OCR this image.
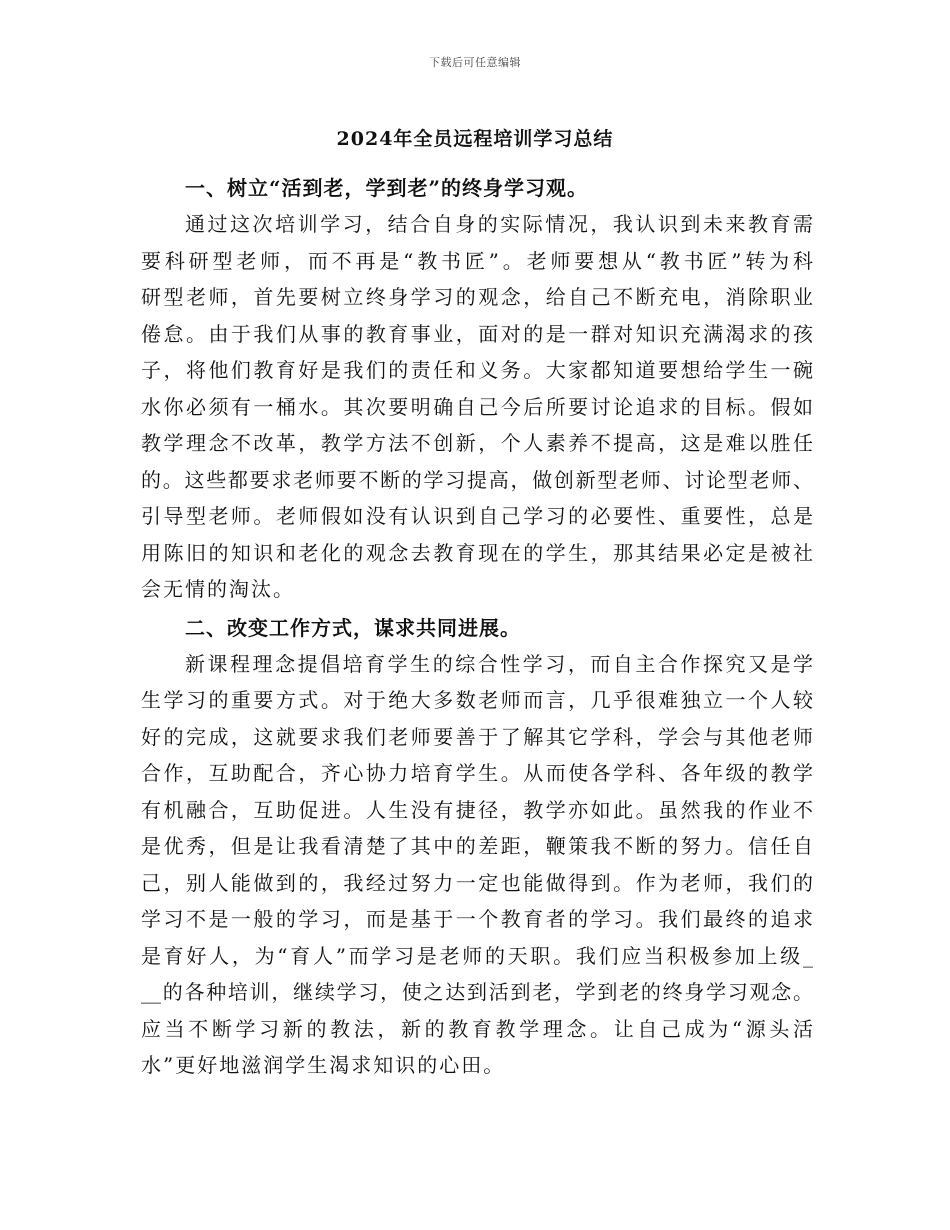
下载后可任意编辑
2024年全员远程培训学习总结

一、树立“活到老，学到老”的终身学习观。

通过这次培训学习，结合自身的实际情况，我认识到未来教育需
要科研型老师，而不再是“教书匠”。老师要想从“教书匠”转为科
研型老师，首先要树立终身学习的观念，给自己不断充电，消除职业
倦怠。由于我们从事的教育事业，面对的是一群对知识充满渴求的孩
子，将他们教育好是我们的责任和义务。大家都知道要想给学生一碗
水你必须有一桶水。其次要明确自己今后所要讨论追求的目标。假如
教学理念不改革，教学方法不创新，个人素养不提高，这是难以胜任
的。这些都要求老师要不断的学习提高，做创新型老师、讨论型老师、
引导型老师。老师假如没有认识到自己学习的必要性、重要性，总是
用陈旧的知识和老化的观念去教育现在的学生，那其结果必定是被社
会无情的淘汰。

二、改变工作方式，谋求共同进展。

新课程理念提倡培育学生的综合性学习，而自主合作探究又是学
生学习的重要方式。对于绝大多数老师而言，几乎很难独立一个人较
好的完成，这就要求我们老师要善于了解其它学科，学会与其他老师
合作，互助配合，齐心协力培育学生。从而使各学科、各年级的教学
有机融合，互助促进。人生没有捷径，教学亦如此。虽然我的作业不
是优秀，但是让我看清楚了其中的差距，鞭策我不断的努力。信任自
己，别人能做到的，我经过努力一定也能做得到。作为老师，我们的
学习不是一般的学习，而是基于一个教育者的学习。我们最终的追求
是育好人，为“育人”而学习是老师的天职。我们应当积极参加上级_
__的各种培训，继续学习，使之达到活到老，学到老的终身学习观念。
应当不断学习新的教法，新的教育教学理念。让自己成为“源头活
水”更好地滋润学生渴求知识的心田。
